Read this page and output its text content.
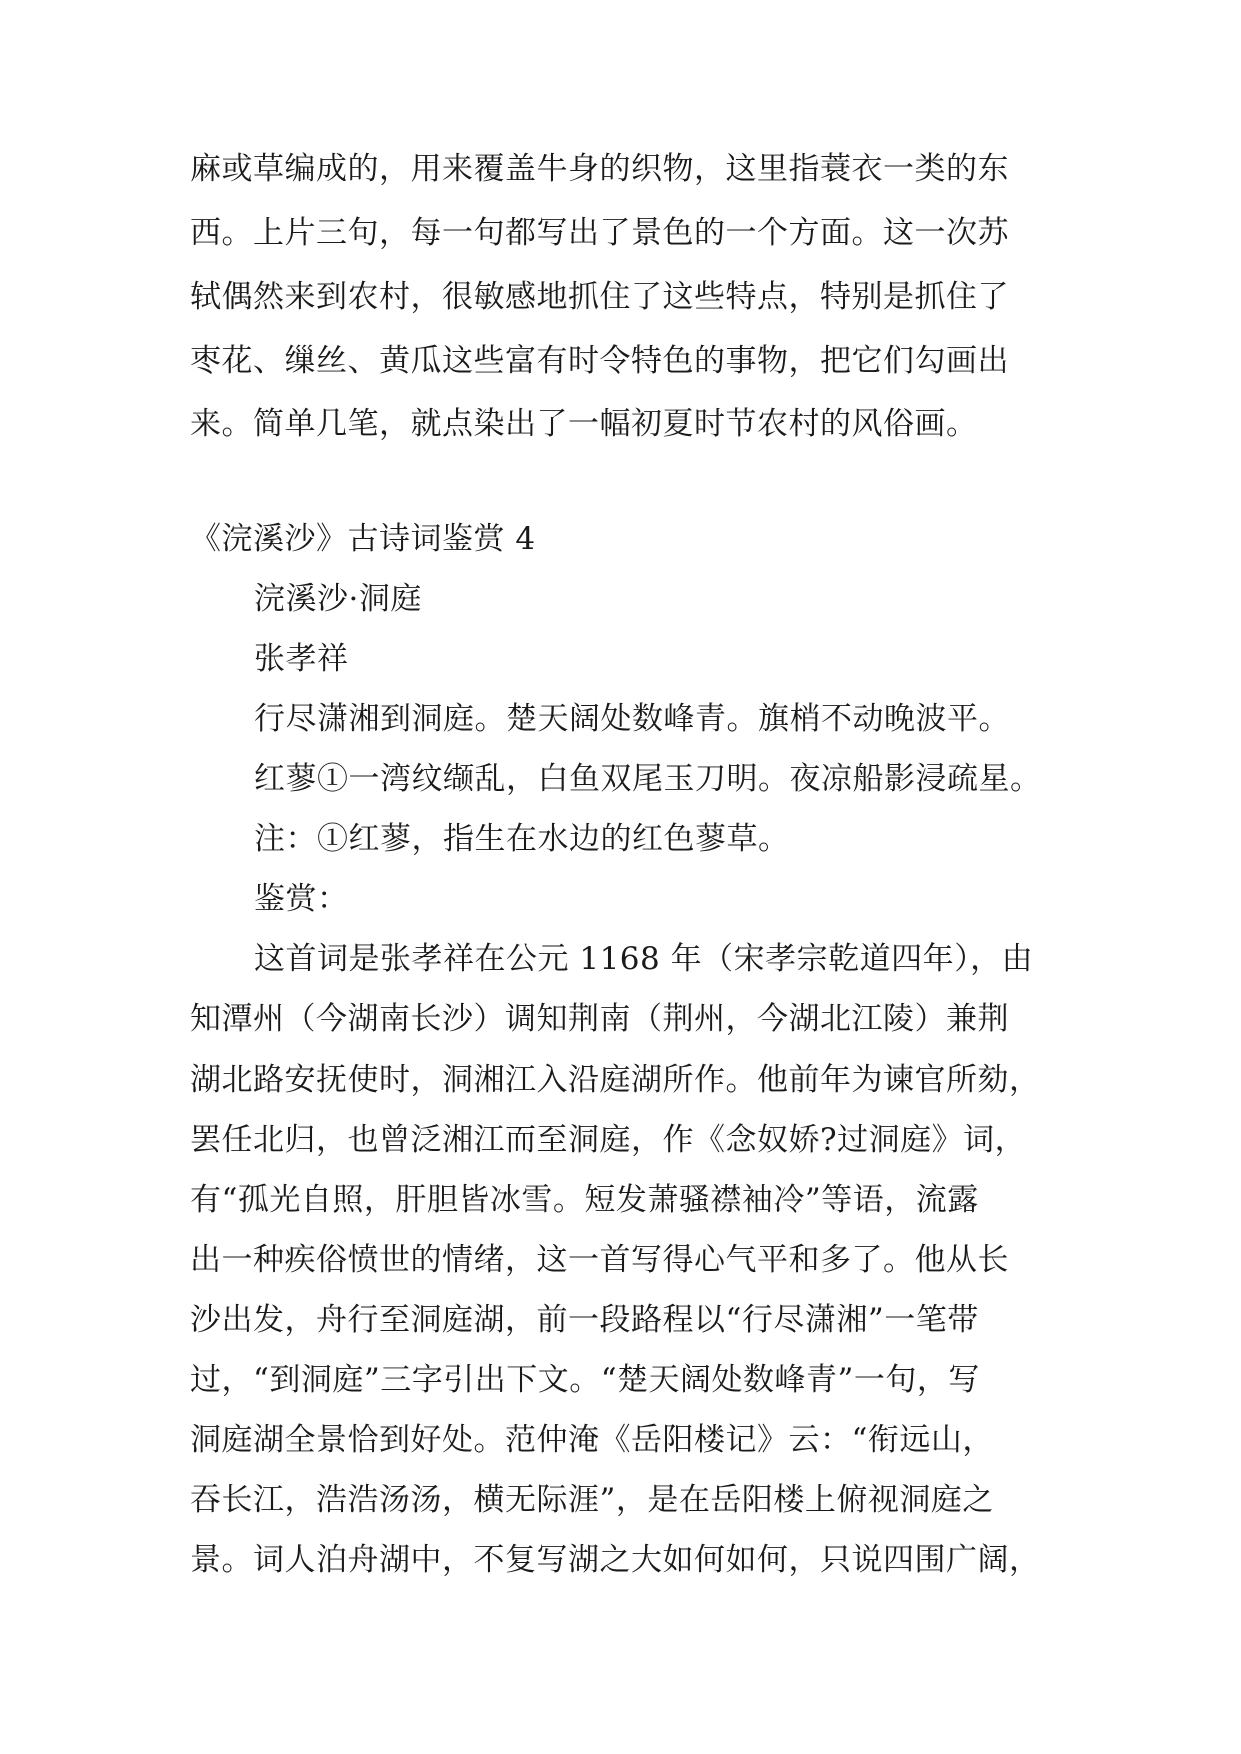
麻或草编成的，用来覆盖牛身的织物，这里指蓑衣一类的东
西。上片三句，每一句都写出了景色的一个方面。这一次苏
轼偶然来到农村，很敏感地抓住了这些特点，特别是抓住了
枣花、缫丝、黄瓜这些富有时令特色的事物，把它们勾画出
来。简单几笔，就点染出了一幅初夏时节农村的风俗画。
《浣溪沙》古诗词鉴赏 4
浣溪沙·洞庭
张孝祥
行尽潇湘到洞庭。楚天阔处数峰青。旗梢不动晚波平。
红蓼①一湾纹缬乱，白鱼双尾玉刀明。夜凉船影浸疏星。
注：①红蓼，指生在水边的红色蓼草。
鉴赏：
这首词是张孝祥在公元 1168 年（宋孝宗乾道四年），由
知潭州（今湖南长沙）调知荆南（荆州，今湖北江陵）兼荆
湖北路安抚使时，洞湘江入沿庭湖所作。他前年为谏官所劾，
罢任北归，也曾泛湘江而至洞庭，作《念奴娇?过洞庭》词，
有“孤光自照，肝胆皆冰雪。短发萧骚襟袖冷”等语，流露
出一种疾俗愤世的情绪，这一首写得心气平和多了。他从长
沙出发，舟行至洞庭湖，前一段路程以“行尽潇湘”一笔带
过，“到洞庭”三字引出下文。“楚天阔处数峰青”一句，写
洞庭湖全景恰到好处。范仲淹《岳阳楼记》云：“衔远山，
吞长江，浩浩汤汤，横无际涯”，是在岳阳楼上俯视洞庭之
景。词人泊舟湖中，不复写湖之大如何如何，只说四围广阔，
